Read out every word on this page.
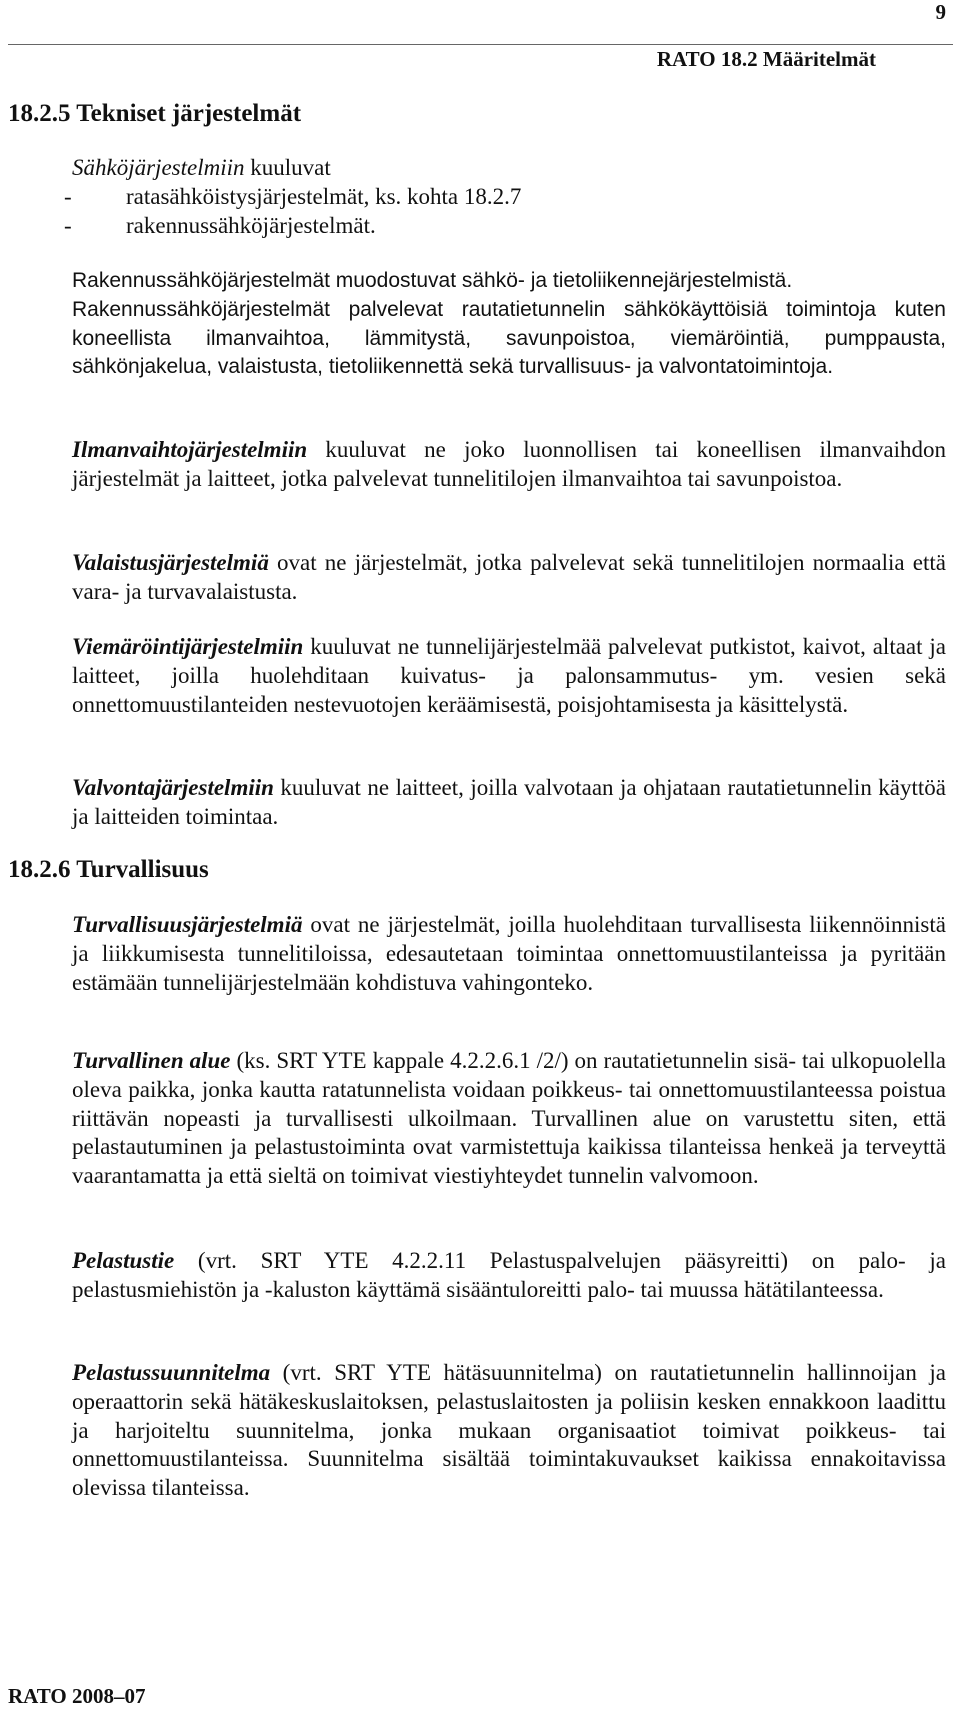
9
RATO 18.2 Määritelmät
18.2.5 Tekniset järjestelmät
Sähköjärjestelmiin kuuluvat
- ratasähköistysjärjestelmät, ks. kohta 18.2.7
- rakennussähköjärjestelmät.
Rakennussähköjärjestelmät muodostuvat sähkö- ja tietoliikennejärjestelmistä.
Rakennussähköjärjestelmät palvelevat rautatietunnelin sähkökäyttöisiä toimintoja kuten koneellista ilmanvaihtoa, lämmitystä, savunpoistoa, viemäröintiä, pumppausta, sähkönjakelua, valaistusta, tietoliikennettä sekä turvallisuus- ja valvontatoimintoja.
Ilmanvaihtojärjestelmiin kuuluvat ne joko luonnollisen tai koneellisen ilmanvaihdon järjestelmät ja laitteet, jotka palvelevat tunnelitilojen ilmanvaihtoa tai savunpoistoa.
Valaistusjärjestelmiä ovat ne järjestelmät, jotka palvelevat sekä tunnelitilojen normaalia että vara- ja turvavalaistusta.
Viemäröintijärjestelmiin kuuluvat ne tunnelijärjestelmää palvelevat putkistot, kaivot, altaat ja laitteet, joilla huolehditaan kuivatus- ja palonsammutus- ym. vesien sekä onnettomuustilanteiden nestevuotojen keräämisestä, poisjohtamisesta ja käsittelystä.
Valvontajärjestelmiin kuuluvat ne laitteet, joilla valvotaan ja ohjataan rautatietunnelin käyttöä ja laitteiden toimintaa.
18.2.6 Turvallisuus
Turvallisuusjärjestelmiä ovat ne järjestelmät, joilla huolehditaan turvallisesta liikennöinnistä ja liikkumisesta tunnelitiloissa, edesautetaan toimintaa onnettomuustilanteissa ja pyritään estämään tunnelijärjestelmään kohdistuva vahingonteko.
Turvallinen alue (ks. SRT YTE kappale 4.2.2.6.1 /2/) on rautatietunnelin sisä- tai ulkopuolella oleva paikka, jonka kautta ratatunnelista voidaan poikkeus- tai onnettomuustilanteessa poistua riittävän nopeasti ja turvallisesti ulkoilmaan. Turvallinen alue on varustettu siten, että pelastautuminen ja pelastustoiminta ovat varmistettuja kaikissa tilanteissa henkeä ja terveyttä vaarantamatta ja että sieltä on toimivat viestiyhteydet tunnelin valvomoon.
Pelastustie (vrt. SRT YTE 4.2.2.11 Pelastuspalvelujen pääsyreitti) on palo- ja pelastusmiehistön ja -kaluston käyttämä sisääntuloreitti palo- tai muussa hätätilanteessa.
Pelastussuunnitelma (vrt. SRT YTE hätäsuunnitelma) on rautatietunnelin hallinnoijan ja operaattorin sekä hätäkeskuslaitoksen, pelastuslaitosten ja poliisin kesken ennakkoon laadittu ja harjoiteltu suunnitelma, jonka mukaan organisaatiot toimivat poikkeus- tai onnettomuustilanteissa. Suunnitelma sisältää toimintakuvaukset kaikissa ennakoitavissa olevissa tilanteissa.
RATO 2008–07
